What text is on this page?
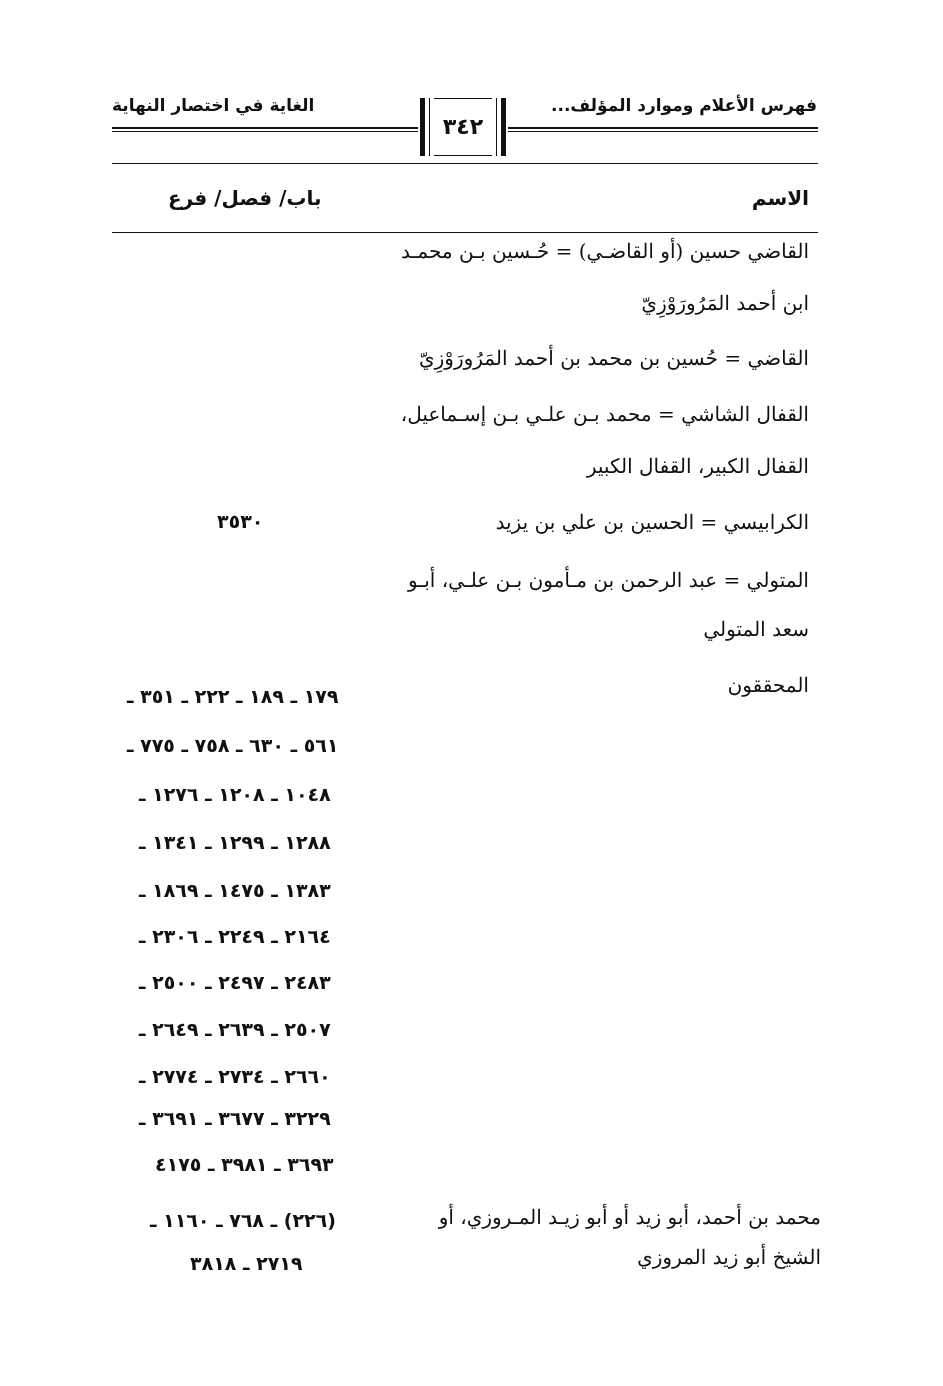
فهرس الأعلام وموارد المؤلف...
الغاية في اختصار النهاية
٣٤٢
الاسم
باب/ فصل/ فرع
القاضي حسين (أو القاضـي) = حُـسين بـن محمـد
ابن أحمد المَرُورَوْزِيّ
القاضي = حُسين بن محمد بن أحمد المَرُورَوْزِيّ
القفال الشاشي = محمد بـن علـي بـن إسـماعيل،
القفال الكبير، القفال الكبير
الكرابيسي = الحسين بن علي بن يزيد
٣٥٣٠
المتولي = عبد الرحمن بن مـأمون بـن علـي، أبـو
سعد المتولي
المحققون
١٧٩ ـ ١٨٩ ـ ٢٢٢ ـ ٣٥١ ـ
٥٦١ ـ ٦٣٠ ـ ٧٥٨ ـ ٧٧٥ ـ
١٠٤٨ ـ ١٢٠٨ ـ ١٢٧٦ ـ
١٢٨٨ ـ ١٢٩٩ ـ ١٣٤١ ـ
١٣٨٣ ـ ١٤٧٥ ـ ١٨٦٩ ـ
٢١٦٤ ـ ٢٢٤٩ ـ ٢٣٠٦ ـ
٢٤٨٣ ـ ٢٤٩٧ ـ ٢٥٠٠ ـ
٢٥٠٧ ـ ٢٦٣٩ ـ ٢٦٤٩ ـ
٢٦٦٠ ـ ٢٧٣٤ ـ ٢٧٧٤ ـ
٣٢٢٩ ـ ٣٦٧٧ ـ ٣٦٩١ ـ
٣٦٩٣ ـ ٣٩٨١ ـ ٤١٧٥
محمد بن أحمد، أبو زيد أو أبو زيـد المـروزي، أو
الشيخ أبو زيد المروزي
(٢٢٦) ـ ٧٦٨ ـ ١١٦٠ ـ
٢٧١٩ ـ ٣٨١٨
